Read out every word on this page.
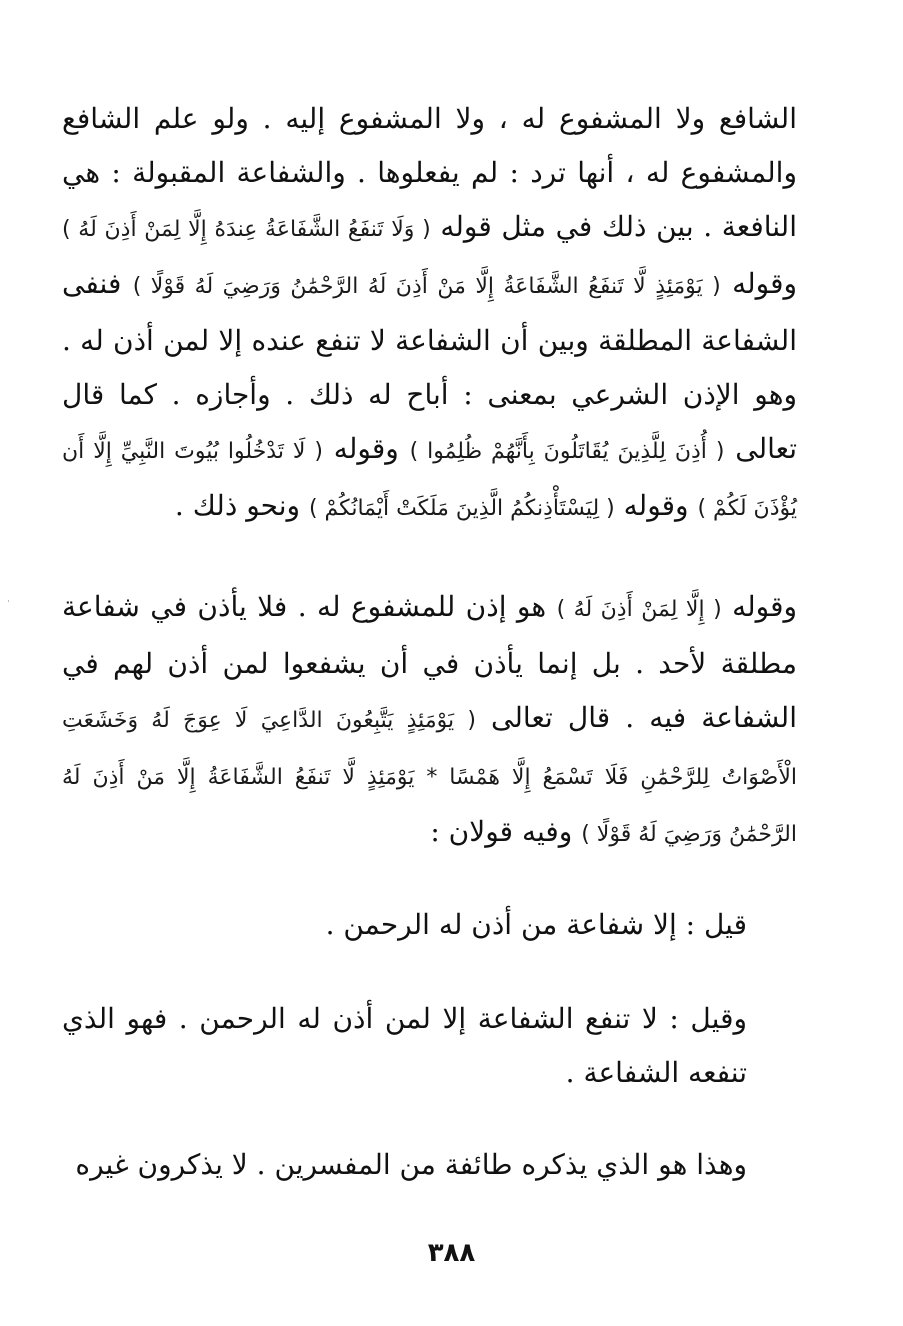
الشافع ولا المشفوع له ، ولا المشفوع إليه . ولو علم الشافع والمشفوع له ، أنها ترد : لم يفعلوها . والشفاعة المقبولة : هي النافعة . بين ذلك في مثل قوله ( وَلَا تَنفَعُ الشَّفَاعَةُ عِندَهُ إِلَّا لِمَنْ أَذِنَ لَهُ ) وقوله ( يَوْمَئِذٍ لَّا تَنفَعُ الشَّفَاعَةُ إِلَّا مَنْ أَذِنَ لَهُ الرَّحْمَٰنُ وَرَضِيَ لَهُ قَوْلًا ) فنفى الشفاعة المطلقة وبين أن الشفاعة لا تنفع عنده إلا لمن أذن له . وهو الإذن الشرعي بمعنى : أباح له ذلك . وأجازه . كما قال تعالى ( أُذِنَ لِلَّذِينَ يُقَاتَلُونَ بِأَنَّهُمْ ظُلِمُوا ) وقوله ( لَا تَدْخُلُوا بُيُوتَ النَّبِيِّ إِلَّا أَن يُؤْذَنَ لَكُمْ ) وقوله ( لِيَسْتَأْذِنكُمُ الَّذِينَ مَلَكَتْ أَيْمَانُكُمْ ) ونحو ذلك .

وقوله ( إِلَّا لِمَنْ أَذِنَ لَهُ ) هو إذن للمشفوع له . فلا يأذن في شفاعة مطلقة لأحد . بل إنما يأذن في أن يشفعوا لمن أذن لهم في الشفاعة فيه . قال تعالى ( يَوْمَئِذٍ يَتَّبِعُونَ الدَّاعِيَ لَا عِوَجَ لَهُ وَخَشَعَتِ الْأَصْوَاتُ لِلرَّحْمَٰنِ فَلَا تَسْمَعُ إِلَّا هَمْسًا * يَوْمَئِذٍ لَّا تَنفَعُ الشَّفَاعَةُ إِلَّا مَنْ أَذِنَ لَهُ الرَّحْمَٰنُ وَرَضِيَ لَهُ قَوْلًا ) وفيه قولان :

قيل : إلا شفاعة من أذن له الرحمن .

وقيل : لا تنفع الشفاعة إلا لمن أذن له الرحمن . فهو الذي تنفعه الشفاعة .

وهذا هو الذي يذكره طائفة من المفسرين . لا يذكرون غيره

٣٨٨
